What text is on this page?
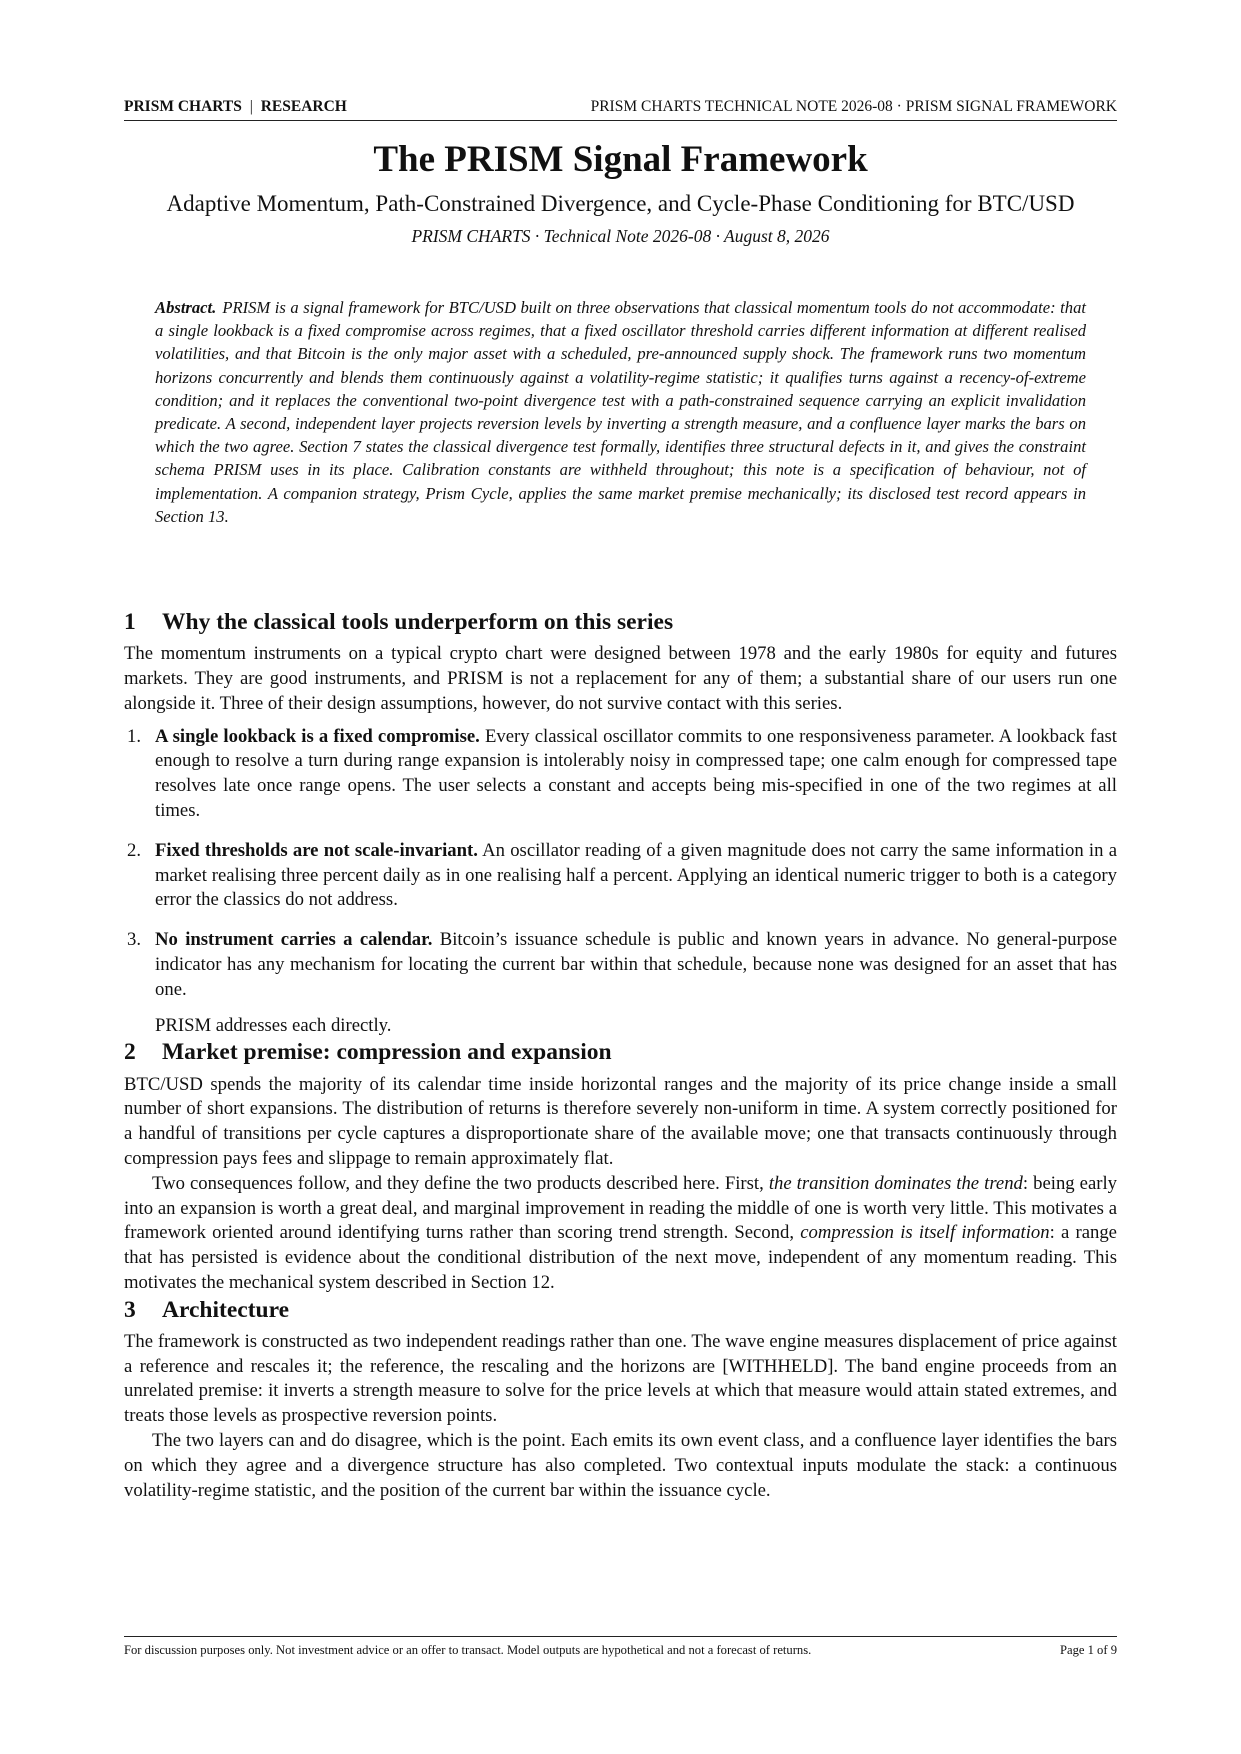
PRISM CHARTS | RESEARCH	PRISM CHARTS TECHNICAL NOTE 2026-08 · PRISM SIGNAL FRAMEWORK
The PRISM Signal Framework

Adaptive Momentum, Path-Constrained Divergence, and Cycle-Phase Conditioning for BTC/USD

PRISM CHARTS · Technical Note 2026-08 · August 8, 2026

Abstract. PRISM is a signal framework for BTC/USD built on three observations that classical momentum tools do not accommodate: that a single lookback is a fixed compromise across regimes, that a fixed oscillator threshold carries different information at different realised volatilities, and that Bitcoin is the only major asset with a scheduled, pre-announced supply shock. The framework runs two momentum horizons concurrently and blends them continuously against a volatility-regime statistic; it qualifies turns against a recency-of-extreme condition; and it replaces the conventional two-point divergence test with a path-constrained sequence carrying an explicit invalidation predicate. A second, independent layer projects reversion levels by inverting a strength measure, and a confluence layer marks the bars on which the two agree. Section 7 states the classical divergence test formally, identifies three structural defects in it, and gives the constraint schema PRISM uses in its place. Calibration constants are withheld throughout; this note is a specification of behaviour, not of implementation. A companion strategy, Prism Cycle, applies the same market premise mechanically; its disclosed test record appears in Section 13.
1 Why the classical tools underperform on this series

The momentum instruments on a typical crypto chart were designed between 1978 and the early 1980s for equity and futures markets. They are good instruments, and PRISM is not a replacement for any of them; a substantial share of our users run one alongside it. Three of their design assumptions, however, do not survive contact with this series.

1. A single lookback is a fixed compromise. Every classical oscillator commits to one responsiveness parameter. A lookback fast enough to resolve a turn during range expansion is intolerably noisy in compressed tape; one calm enough for compressed tape resolves late once range opens. The user selects a constant and accepts being mis-specified in one of the two regimes at all times.
2. Fixed thresholds are not scale-invariant. An oscillator reading of a given magnitude does not carry the same information in a market realising three percent daily as in one realising half a percent. Applying an identical numeric trigger to both is a category error the classics do not address.
3. No instrument carries a calendar. Bitcoin’s issuance schedule is public and known years in advance. No general-purpose indicator has any mechanism for locating the current bar within that schedule, because none was designed for an asset that has one.

PRISM addresses each directly.

2 Market premise: compression and expansion

BTC/USD spends the majority of its calendar time inside horizontal ranges and the majority of its price change inside a small number of short expansions. The distribution of returns is therefore severely non-uniform in time. A system correctly positioned for a handful of transitions per cycle captures a disproportionate share of the available move; one that transacts continuously through compression pays fees and slippage to remain approximately flat.

Two consequences follow, and they define the two products described here. First, the transition dominates the trend: being early into an expansion is worth a great deal, and marginal improvement in reading the middle of one is worth very little. This motivates a framework oriented around identifying turns rather than scoring trend strength. Second, compression is itself information: a range that has persisted is evidence about the conditional distribution of the next move, independent of any momentum reading. This motivates the mechanical system described in Section 12.

3 Architecture

The framework is constructed as two independent readings rather than one. The wave engine measures displacement of price against a reference and rescales it; the reference, the rescaling and the horizons are [WITHHELD]. The band engine proceeds from an unrelated premise: it inverts a strength measure to solve for the price levels at which that measure would attain stated extremes, and treats those levels as prospective reversion points.

The two layers can and do disagree, which is the point. Each emits its own event class, and a confluence layer identifies the bars on which they agree and a divergence structure has also completed. Two contextual inputs modulate the stack: a continuous volatility-regime statistic, and the position of the current bar within the issuance cycle.

For discussion purposes only. Not investment advice or an offer to transact. Model outputs are hypothetical and not a forecast of returns.	Page 1 of 9
